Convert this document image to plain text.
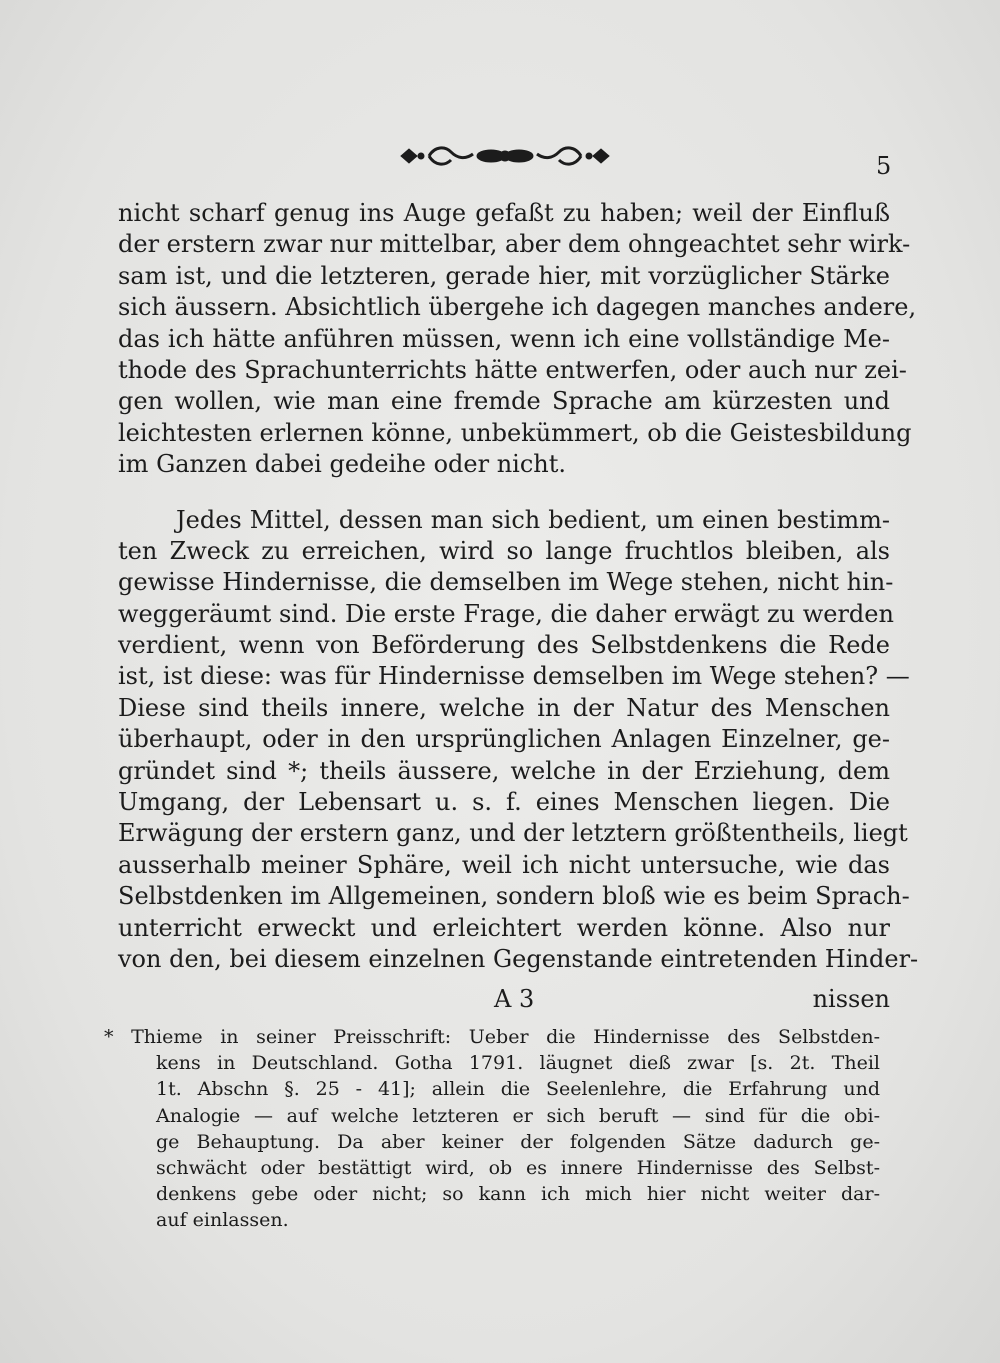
5
nicht scharf genug ins Auge gefaßt zu haben; weil der Einfluß
der erstern zwar nur mittelbar, aber dem ohngeachtet sehr wirk-
sam ist, und die letzteren, gerade hier, mit vorzüglicher Stärke
sich äussern. Absichtlich übergehe ich dagegen manches andere,
das ich hätte anführen müssen, wenn ich eine vollständige Me-
thode des Sprachunterrichts hätte entwerfen, oder auch nur zei-
gen wollen, wie man eine fremde Sprache am kürzesten und
leichtesten erlernen könne, unbekümmert, ob die Geistesbildung
im Ganzen dabei gedeihe oder nicht.
Jedes Mittel, dessen man sich bedient, um einen bestimm-
ten Zweck zu erreichen, wird so lange fruchtlos bleiben, als
gewisse Hindernisse, die demselben im Wege stehen, nicht hin-
weggeräumt sind. Die erste Frage, die daher erwägt zu werden
verdient, wenn von Beförderung des Selbstdenkens die Rede
ist, ist diese: was für Hindernisse demselben im Wege stehen? —
Diese sind theils innere, welche in der Natur des Menschen
überhaupt, oder in den ursprünglichen Anlagen Einzelner, ge-
gründet sind *; theils äussere, welche in der Erziehung, dem
Umgang, der Lebensart u. s. f. eines Menschen liegen. Die
Erwägung der erstern ganz, und der letztern größtentheils, liegt
ausserhalb meiner Sphäre, weil ich nicht untersuche, wie das
Selbstdenken im Allgemeinen, sondern bloß wie es beim Sprach-
unterricht erweckt und erleichtert werden könne. Also nur
von den, bei diesem einzelnen Gegenstande eintretenden Hinder-
A 3	nissen
* Thieme in seiner Preisschrift: Ueber die Hindernisse des Selbstden-
kens in Deutschland. Gotha 1791. läugnet dieß zwar [s. 2t. Theil
1t. Abschn §. 25 - 41]; allein die Seelenlehre, die Erfahrung und
Analogie — auf welche letzteren er sich beruft — sind für die obi-
ge Behauptung. Da aber keiner der folgenden Sätze dadurch ge-
schwächt oder bestättigt wird, ob es innere Hindernisse des Selbst-
denkens gebe oder nicht; so kann ich mich hier nicht weiter dar-
auf einlassen.
